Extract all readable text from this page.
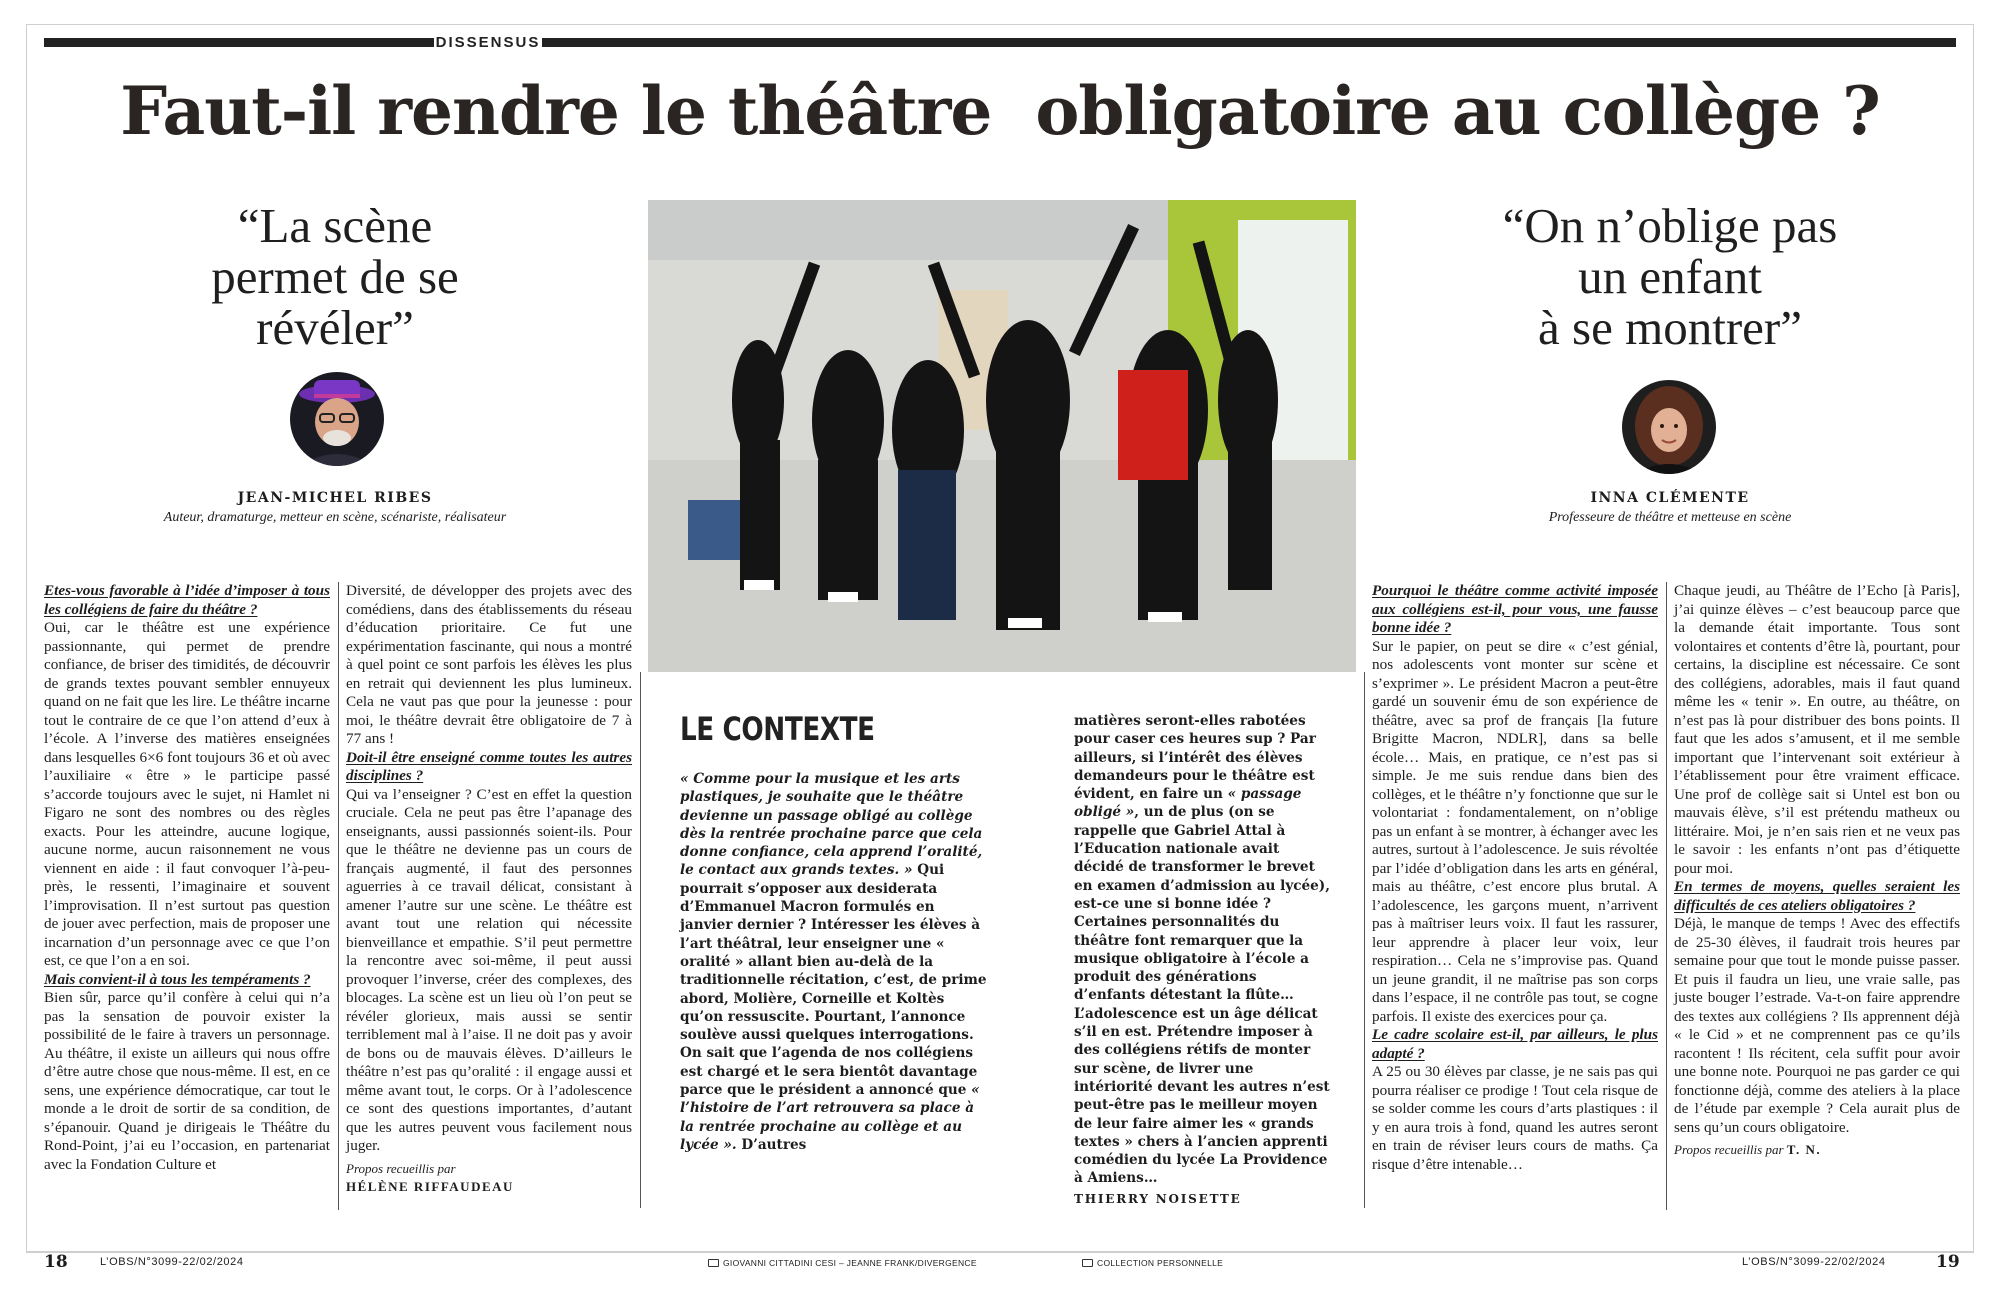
DISSENSUS
Faut-il rendre le théâtre  obligatoire au collège ?
“La scène
permet de se
révéler”
JEAN-MICHEL RIBES
Auteur, dramaturge, metteur en scène, scénariste, réalisateur
“On n’oblige pas
un enfant
à se montrer”
INNA CLÉMENTE
Professeure de théâtre et metteuse en scène

Etes-vous favorable à l’idée d’imposer à tous les collégiens de faire du théâtre ?

Oui, car le théâtre est une expérience passionnante, qui permet de prendre confiance, de briser des timidités, de découvrir de grands textes pouvant sembler ennuyeux quand on ne fait que les lire. Le théâtre incarne tout le contraire de ce que l’on attend d’eux à l’école. A l’inverse des matières enseignées dans lesquelles 6×6 font toujours 36 et où avec l’auxiliaire « être » le participe passé s’accorde toujours avec le sujet, ni Hamlet ni Figaro ne sont des nombres ou des règles exacts. Pour les atteindre, aucune logique, aucune norme, aucun raisonnement ne vous viennent en aide : il faut convoquer l’à-peu-près, le ressenti, l’imaginaire et souvent l’improvisation. Il n’est surtout pas question de jouer avec perfection, mais de proposer une incarnation d’un personnage avec ce que l’on est, ce que l’on a en soi.

Mais convient-il à tous les tempéraments ?

Bien sûr, parce qu’il confère à celui qui n’a pas la sensation de pouvoir exister la possibilité de le faire à travers un personnage. Au théâtre, il existe un ailleurs qui nous offre d’être autre chose que nous-même. Il est, en ce sens, une expérience démocratique, car tout le monde a le droit de sortir de sa condition, de s’épanouir. Quand je dirigeais le Théâtre du Rond-Point, j’ai eu l’occasion, en partenariat avec la Fondation Culture et

Diversité, de développer des projets avec des comédiens, dans des établissements du réseau d’éducation prioritaire. Ce fut une expérimentation fascinante, qui nous a montré à quel point ce sont parfois les élèves les plus en retrait qui deviennent les plus lumineux. Cela ne vaut pas que pour la jeunesse : pour moi, le théâtre devrait être obligatoire de 7 à 77 ans !

Doit-il être enseigné comme toutes les autres disciplines ?

Qui va l’enseigner ? C’est en effet la question cruciale. Cela ne peut pas être l’apanage des enseignants, aussi passionnés soient-ils. Pour que le théâtre ne devienne pas un cours de français augmenté, il faut des personnes aguerries à ce travail délicat, consistant à amener l’autre sur une scène. Le théâtre est avant tout une relation qui nécessite bienveillance et empathie. S’il peut permettre la rencontre avec soi-même, il peut aussi provoquer l’inverse, créer des complexes, des blocages. La scène est un lieu où l’on peut se révéler glorieux, mais aussi se sentir terriblement mal à l’aise. Il ne doit pas y avoir de bons ou de mauvais élèves. D’ailleurs le théâtre n’est pas qu’oralité : il engage aussi et même avant tout, le corps. Or à l’adolescence ce sont des questions importantes, d’autant que les autres peuvent vous facilement nous juger.

Propos recueillis par
HÉLÈNE RIFFAUDEAU

LE CONTEXTE

« Comme pour la musique et les arts plastiques, je souhaite que le théâtre devienne un passage obligé au collège dès la rentrée prochaine parce que cela donne confiance, cela apprend l’oralité, le contact aux grands textes. » Qui pourrait s’opposer aux desiderata d’Emmanuel Macron formulés en janvier dernier ? Intéresser les élèves à l’art théâtral, leur enseigner une « oralité » allant bien au-delà de la traditionnelle récitation, c’est, de prime abord, Molière, Corneille et Koltès qu’on ressuscite. Pourtant, l’annonce soulève aussi quelques interrogations. On sait que l’agenda de nos collégiens est chargé et le sera bientôt davantage parce que le président a annoncé que « l’histoire de l’art retrouvera sa place à la rentrée prochaine au collège et au lycée ». D’autres

matières seront-elles rabotées pour caser ces heures sup ? Par ailleurs, si l’intérêt des élèves demandeurs pour le théâtre est évident, en faire un « passage obligé », un de plus (on se rappelle que Gabriel Attal à l’Education nationale avait décidé de transformer le brevet en examen d’admission au lycée), est-ce une si bonne idée ? Certaines personnalités du théâtre font remarquer que la musique obligatoire à l’école a produit des générations d’enfants détestant la flûte… L’adolescence est un âge délicat s’il en est. Prétendre imposer à des collégiens rétifs de monter sur scène, de livrer une intériorité devant les autres n’est peut-être pas le meilleur moyen de leur faire aimer les « grands textes » chers à l’ancien apprenti comédien du lycée La Providence à Amiens…

THIERRY NOISETTE

Pourquoi le théâtre comme activité imposée aux collégiens est-il, pour vous, une fausse bonne idée ?

Sur le papier, on peut se dire « c’est génial, nos adolescents vont monter sur scène et s’exprimer ». Le président Macron a peut-être gardé un souvenir ému de son expérience de théâtre, avec sa prof de français [la future Brigitte Macron, NDLR], dans sa belle école… Mais, en pratique, ce n’est pas si simple. Je me suis rendue dans bien des collèges, et le théâtre n’y fonctionne que sur le volontariat : fondamentalement, on n’oblige pas un enfant à se montrer, à échanger avec les autres, surtout à l’adolescence. Je suis révoltée par l’idée d’obligation dans les arts en général, mais au théâtre, c’est encore plus brutal. A l’adolescence, les garçons muent, n’arrivent pas à maîtriser leurs voix. Il faut les rassurer, leur apprendre à placer leur voix, leur respiration… Cela ne s’improvise pas. Quand un jeune grandit, il ne maîtrise pas son corps dans l’espace, il ne contrôle pas tout, se cogne parfois. Il existe des exercices pour ça.

Le cadre scolaire est-il, par ailleurs, le plus adapté ?

A 25 ou 30 élèves par classe, je ne sais pas qui pourra réaliser ce prodige ! Tout cela risque de se solder comme les cours d’arts plastiques : il y en aura trois à fond, quand les autres seront en train de réviser leurs cours de maths. Ça risque d’être intenable…

Chaque jeudi, au Théâtre de l’Echo [à Paris], j’ai quinze élèves – c’est beaucoup parce que la demande était importante. Tous sont volontaires et contents d’être là, pourtant, pour certains, la discipline est nécessaire. Ce sont des collégiens, adorables, mais il faut quand même les « tenir ». En outre, au théâtre, on n’est pas là pour distribuer des bons points. Il faut que les ados s’amusent, et il me semble important que l’intervenant soit extérieur à l’établissement pour être vraiment efficace. Une prof de collège sait si Untel est bon ou mauvais élève, s’il est prétendu matheux ou littéraire. Moi, je n’en sais rien et ne veux pas le savoir : les enfants n’ont pas d’étiquette pour moi.

En termes de moyens, quelles seraient les difficultés de ces ateliers obligatoires ?

Déjà, le manque de temps ! Avec des effectifs de 25-30 élèves, il faudrait trois heures par semaine pour que tout le monde puisse passer. Et puis il faudra un lieu, une vraie salle, pas juste bouger l’estrade. Va-t-on faire apprendre des textes aux collégiens ? Ils apprennent déjà « le Cid » et ne comprennent pas ce qu’ils racontent ! Ils récitent, cela suffit pour avoir une bonne note. Pourquoi ne pas garder ce qui fonctionne déjà, comme des ateliers à la place de l’étude par exemple ? Cela aurait plus de sens qu’un cours obligatoire.

Propos recueillis par T. N.

18	L’OBS/N°3099-22/02/2024	GIOVANNI CITTADINI CESI – JEANNE FRANK/DIVERGENCE	COLLECTION PERSONNELLE	L’OBS/N°3099-22/02/2024	19
